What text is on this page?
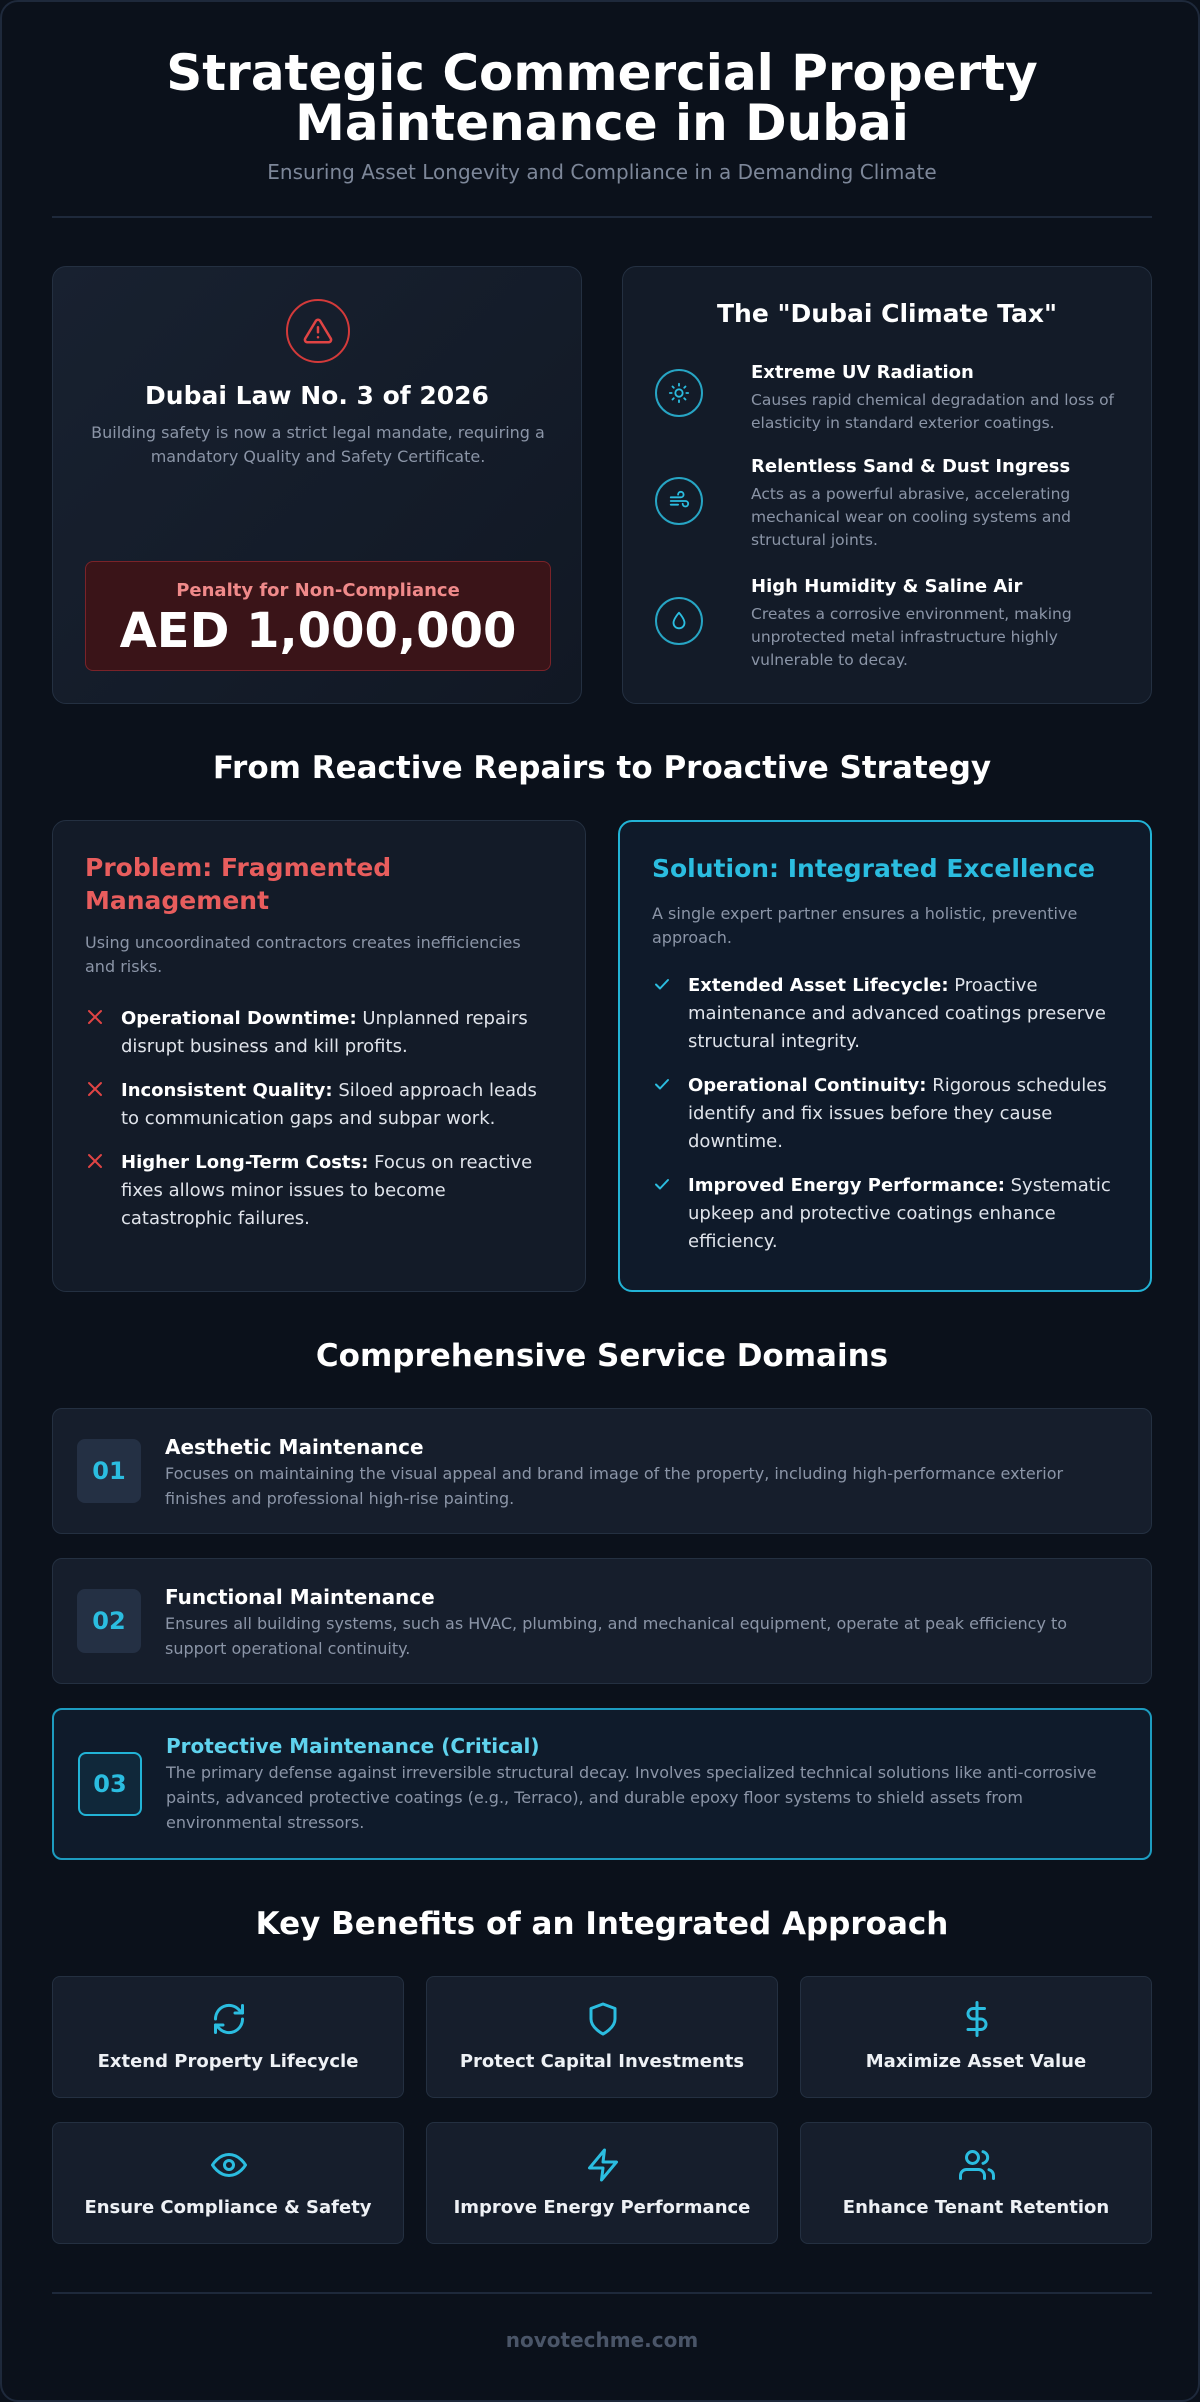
Strategic Commercial Property
Maintenance in Dubai
Ensuring Asset Longevity and Compliance in a Demanding Climate
Dubai Law No. 3 of 2026
Building safety is now a strict legal mandate, requiring a mandatory Quality and Safety Certificate.
Penalty for Non-Compliance
AED 1,000,000
The "Dubai Climate Tax"
Extreme UV Radiation
Causes rapid chemical degradation and loss of elasticity in standard exterior coatings.
Relentless Sand & Dust Ingress
Acts as a powerful abrasive, accelerating mechanical wear on cooling systems and structural joints.
High Humidity & Saline Air
Creates a corrosive environment, making unprotected metal infrastructure highly vulnerable to decay.
From Reactive Repairs to Proactive Strategy
Problem: Fragmented Management
Using uncoordinated contractors creates inefficiencies and risks.
Operational Downtime: Unplanned repairs disrupt business and kill profits.
Inconsistent Quality: Siloed approach leads to communication gaps and subpar work.
Higher Long-Term Costs: Focus on reactive fixes allows minor issues to become catastrophic failures.
Solution: Integrated Excellence
A single expert partner ensures a holistic, preventive approach.
Extended Asset Lifecycle: Proactive maintenance and advanced coatings preserve structural integrity.
Operational Continuity: Rigorous schedules identify and fix issues before they cause downtime.
Improved Energy Performance: Systematic upkeep and protective coatings enhance efficiency.
Comprehensive Service Domains
01
Aesthetic Maintenance
Focuses on maintaining the visual appeal and brand image of the property, including high-performance exterior finishes and professional high-rise painting.
02
Functional Maintenance
Ensures all building systems, such as HVAC, plumbing, and mechanical equipment, operate at peak efficiency to support operational continuity.
03
Protective Maintenance (Critical)
The primary defense against irreversible structural decay. Involves specialized technical solutions like anti-corrosive paints, advanced protective coatings (e.g., Terraco), and durable epoxy floor systems to shield assets from environmental stressors.
Key Benefits of an Integrated Approach
Extend Property Lifecycle	Protect Capital Investments	Maximize Asset Value
Ensure Compliance & Safety	Improve Energy Performance	Enhance Tenant Retention
novotechme.com
